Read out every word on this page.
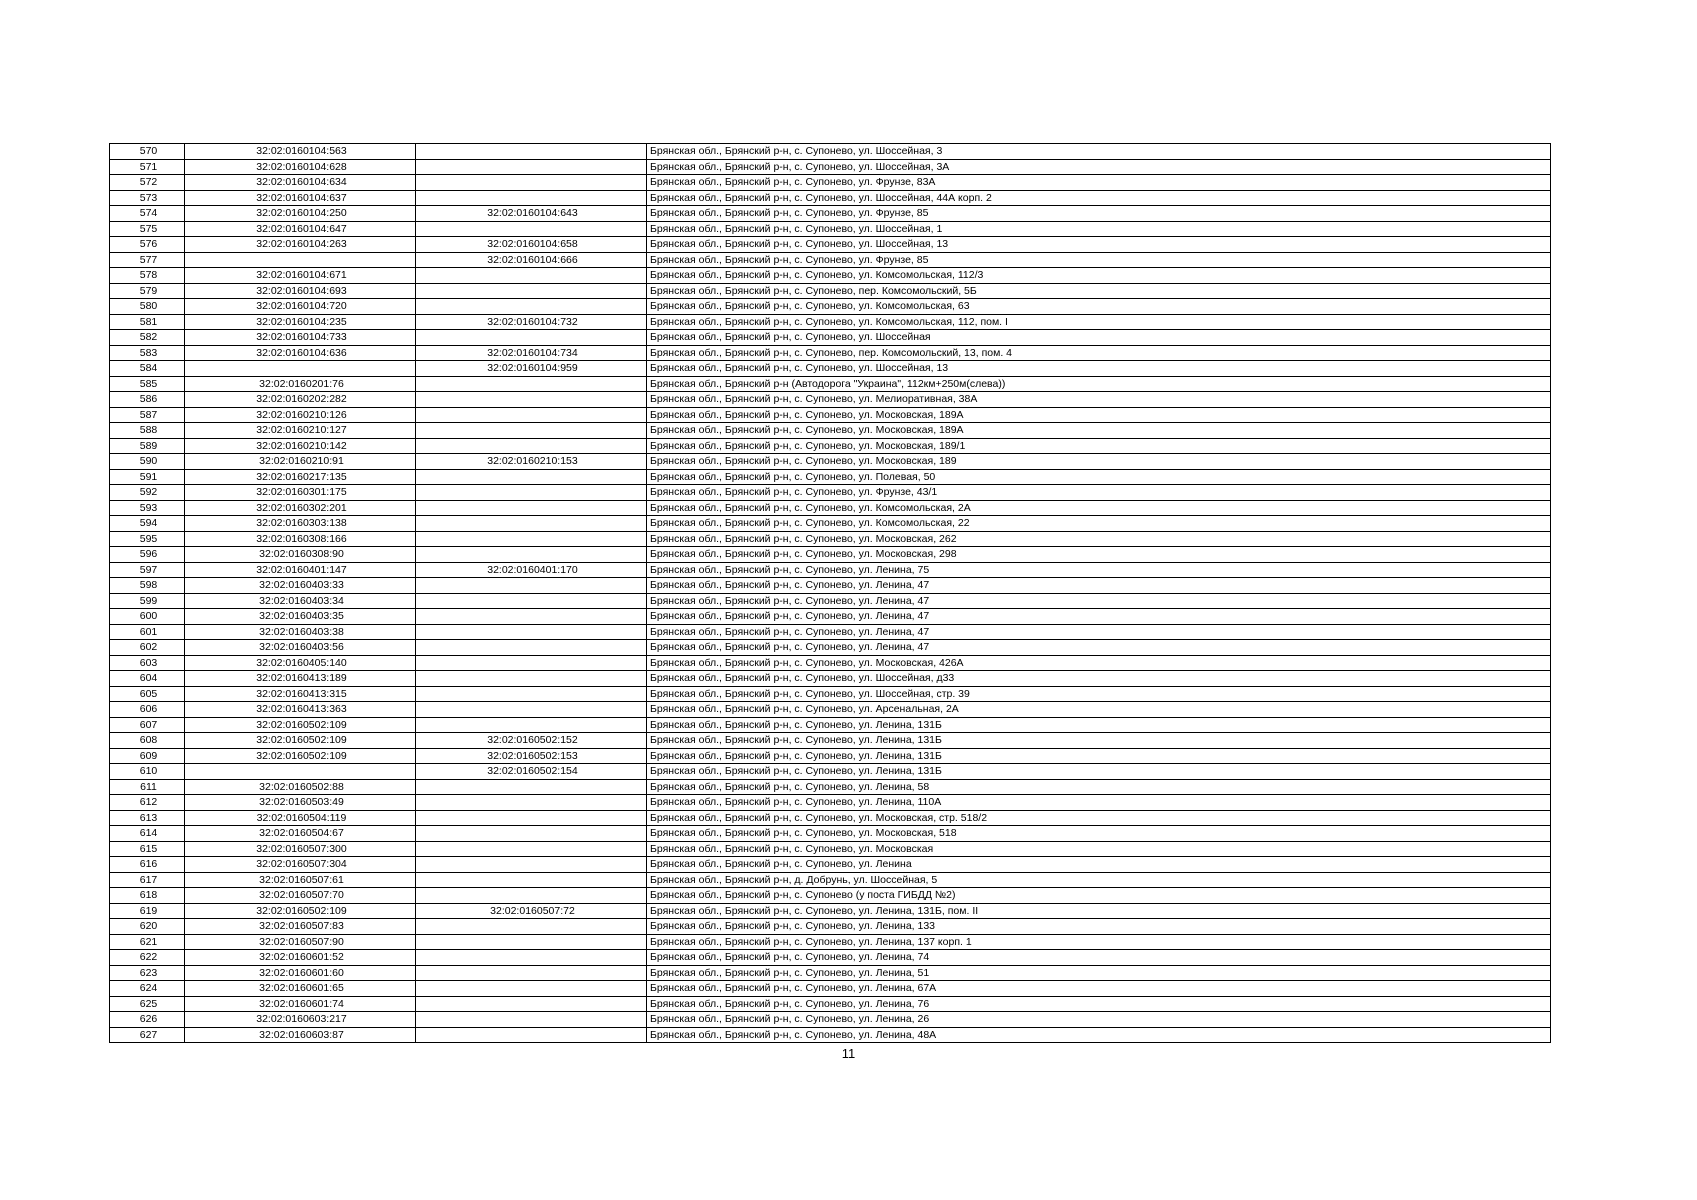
570	32:02:0160104:563		Брянская обл., Брянский р-н, с. Супонево, ул. Шоссейная, 3
571	32:02:0160104:628		Брянская обл., Брянский р-н, с. Супонево, ул. Шоссейная, 3А
572	32:02:0160104:634		Брянская обл., Брянский р-н, с. Супонево, ул. Фрунзе, 83А
573	32:02:0160104:637		Брянская обл., Брянский р-н, с. Супонево, ул. Шоссейная, 44А корп. 2
574	32:02:0160104:250	32:02:0160104:643	Брянская обл., Брянский р-н, с. Супонево, ул. Фрунзе, 85
575	32:02:0160104:647		Брянская обл., Брянский р-н, с. Супонево, ул. Шоссейная, 1
576	32:02:0160104:263	32:02:0160104:658	Брянская обл., Брянский р-н, с. Супонево, ул. Шоссейная, 13
577		32:02:0160104:666	Брянская обл., Брянский р-н, с. Супонево, ул. Фрунзе, 85
578	32:02:0160104:671		Брянская обл., Брянский р-н, с. Супонево, ул. Комсомольская, 112/3
579	32:02:0160104:693		Брянская обл., Брянский р-н, с. Супонево, пер. Комсомольский, 5Б
580	32:02:0160104:720		Брянская обл., Брянский р-н, с. Супонево, ул. Комсомольская, 63
581	32:02:0160104:235	32:02:0160104:732	Брянская обл., Брянский р-н, с. Супонево, ул. Комсомольская, 112, пом. I
582	32:02:0160104:733		Брянская обл., Брянский р-н, с. Супонево, ул. Шоссейная
583	32:02:0160104:636	32:02:0160104:734	Брянская обл., Брянский р-н, с. Супонево, пер. Комсомольский, 13, пом. 4
584		32:02:0160104:959	Брянская обл., Брянский р-н, с. Супонево, ул. Шоссейная, 13
585	32:02:0160201:76		Брянская обл., Брянский р-н (Автодорога "Украина", 112км+250м(слева))
586	32:02:0160202:282		Брянская обл., Брянский р-н, с. Супонево, ул. Мелиоративная, 38А
587	32:02:0160210:126		Брянская обл., Брянский р-н, с. Супонево, ул. Московская, 189А
588	32:02:0160210:127		Брянская обл., Брянский р-н, с. Супонево, ул. Московская, 189А
589	32:02:0160210:142		Брянская обл., Брянский р-н, с. Супонево, ул. Московская, 189/1
590	32:02:0160210:91	32:02:0160210:153	Брянская обл., Брянский р-н, с. Супонево, ул. Московская, 189
591	32:02:0160217:135		Брянская обл., Брянский р-н, с. Супонево, ул. Полевая, 50
592	32:02:0160301:175		Брянская обл., Брянский р-н, с. Супонево, ул. Фрунзе, 43/1
593	32:02:0160302:201		Брянская обл., Брянский р-н, с. Супонево, ул. Комсомольская, 2А
594	32:02:0160303:138		Брянская обл., Брянский р-н, с. Супонево, ул. Комсомольская, 22
595	32:02:0160308:166		Брянская обл., Брянский р-н, с. Супонево, ул. Московская, 262
596	32:02:0160308:90		Брянская обл., Брянский р-н, с. Супонево, ул. Московская, 298
597	32:02:0160401:147	32:02:0160401:170	Брянская обл., Брянский р-н, с. Супонево, ул. Ленина, 75
598	32:02:0160403:33		Брянская обл., Брянский р-н, с. Супонево, ул. Ленина, 47
599	32:02:0160403:34		Брянская обл., Брянский р-н, с. Супонево, ул. Ленина, 47
600	32:02:0160403:35		Брянская обл., Брянский р-н, с. Супонево, ул. Ленина, 47
601	32:02:0160403:38		Брянская обл., Брянский р-н, с. Супонево, ул. Ленина, 47
602	32:02:0160403:56		Брянская обл., Брянский р-н, с. Супонево, ул. Ленина, 47
603	32:02:0160405:140		Брянская обл., Брянский р-н, с. Супонево, ул. Московская, 426А
604	32:02:0160413:189		Брянская обл., Брянский р-н, с. Супонево, ул. Шоссейная, д33
605	32:02:0160413:315		Брянская обл., Брянский р-н, с. Супонево, ул. Шоссейная, стр. 39
606	32:02:0160413:363		Брянская обл., Брянский р-н, с. Супонево, ул. Арсенальная, 2А
607	32:02:0160502:109		Брянская обл., Брянский р-н, с. Супонево, ул. Ленина, 131Б
608	32:02:0160502:109	32:02:0160502:152	Брянская обл., Брянский р-н, с. Супонево, ул. Ленина, 131Б
609	32:02:0160502:109	32:02:0160502:153	Брянская обл., Брянский р-н, с. Супонево, ул. Ленина, 131Б
610		32:02:0160502:154	Брянская обл., Брянский р-н, с. Супонево, ул. Ленина, 131Б
611	32:02:0160502:88		Брянская обл., Брянский р-н, с. Супонево, ул. Ленина, 58
612	32:02:0160503:49		Брянская обл., Брянский р-н, с. Супонево, ул. Ленина, 110А
613	32:02:0160504:119		Брянская обл., Брянский р-н, с. Супонево, ул. Московская, стр. 518/2
614	32:02:0160504:67		Брянская обл., Брянский р-н, с. Супонево, ул. Московская, 518
615	32:02:0160507:300		Брянская обл., Брянский р-н, с. Супонево, ул. Московская
616	32:02:0160507:304		Брянская обл., Брянский р-н, с. Супонево, ул. Ленина
617	32:02:0160507:61		Брянская обл., Брянский р-н, д. Добрунь, ул. Шоссейная, 5
618	32:02:0160507:70		Брянская обл., Брянский р-н, с. Супонево (у поста ГИБДД №2)
619	32:02:0160502:109	32:02:0160507:72	Брянская обл., Брянский р-н, с. Супонево, ул. Ленина, 131Б, пом. II
620	32:02:0160507:83		Брянская обл., Брянский р-н, с. Супонево, ул. Ленина, 133
621	32:02:0160507:90		Брянская обл., Брянский р-н, с. Супонево, ул. Ленина, 137 корп. 1
622	32:02:0160601:52		Брянская обл., Брянский р-н, с. Супонево, ул. Ленина, 74
623	32:02:0160601:60		Брянская обл., Брянский р-н, с. Супонево, ул. Ленина, 51
624	32:02:0160601:65		Брянская обл., Брянский р-н, с. Супонево, ул. Ленина, 67А
625	32:02:0160601:74		Брянская обл., Брянский р-н, с. Супонево, ул. Ленина, 76
626	32:02:0160603:217		Брянская обл., Брянский р-н, с. Супонево, ул. Ленина, 26
627	32:02:0160603:87		Брянская обл., Брянский р-н, с. Супонево, ул. Ленина, 48А
11
